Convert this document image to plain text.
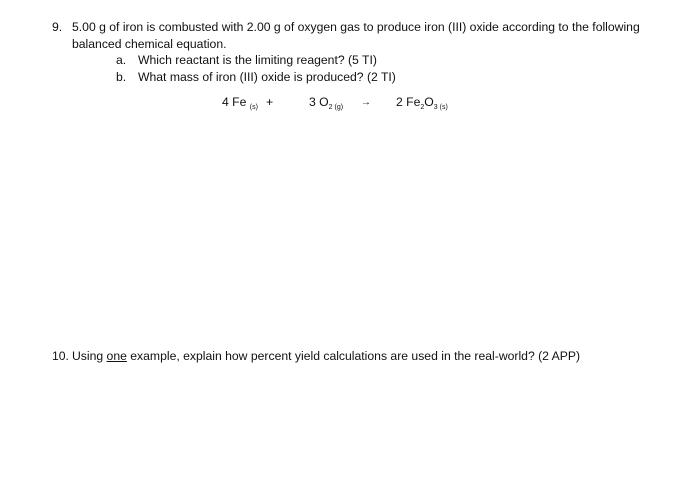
9. 5.00 g of iron is combusted with 2.00 g of oxygen gas to produce iron (III) oxide according to the following
balanced chemical equation.
a. Which reactant is the limiting reagent? (5 TI)
b. What mass of iron (III) oxide is produced? (2 TI)
4 Fe $_{(s)}$ +	3 $O_2$ $_{(g)}$ → 2 $Fe_2O_3$ $_{(s)}$
10. Using one example, explain how percent yield calculations are used in the real-world? (2 APP)
